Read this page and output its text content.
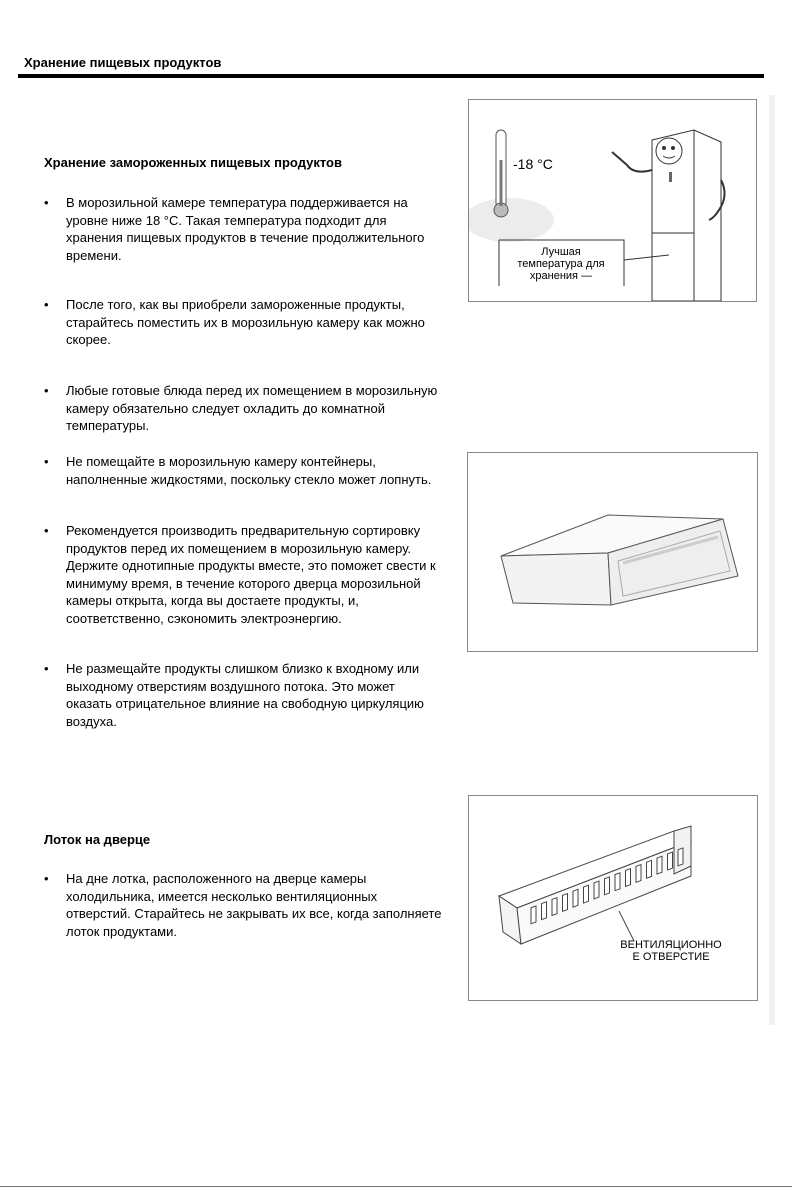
Хранение пищевых продуктов
Хранение замороженных пищевых продуктов
•	В морозильной камере температура поддерживается на уровне ниже 18 °C. Такая температура подходит для хранения пищевых продуктов в течение продолжительного времени.
•	После того, как вы приобрели замороженные продукты, старайтесь поместить их в морозильную камеру как можно скорее.
•	Любые готовые блюда перед их помещением в морозильную камеру обязательно следует охладить до комнатной температуры.
•	Не помещайте в морозильную камеру контейнеры, наполненные жидкостями, поскольку стекло может лопнуть.
•	Рекомендуется производить предварительную сортировку продуктов перед их помещением в морозильную камеру. Держите однотипные продукты вместе, это поможет свести к минимуму время, в течение которого дверца морозильной камеры открыта, когда вы достаете продукты, и, соответственно, сэкономить электроэнергию.
•	Не размещайте продукты слишком близко к входному или выходному отверстиям воздушного потока. Это может оказать отрицательное влияние на свободную циркуляцию воздуха.
Лоток на дверце
•	На дне лотка, расположенного на дверце камеры холодильника, имеется несколько вентиляционных отверстий. Старайтесь не закрывать их все, когда заполняете лоток продуктами.
-18 °C
Лучшая
температура для
хранения —
ВЕНТИЛЯЦИОННО
Е ОТВЕРСТИЕ
